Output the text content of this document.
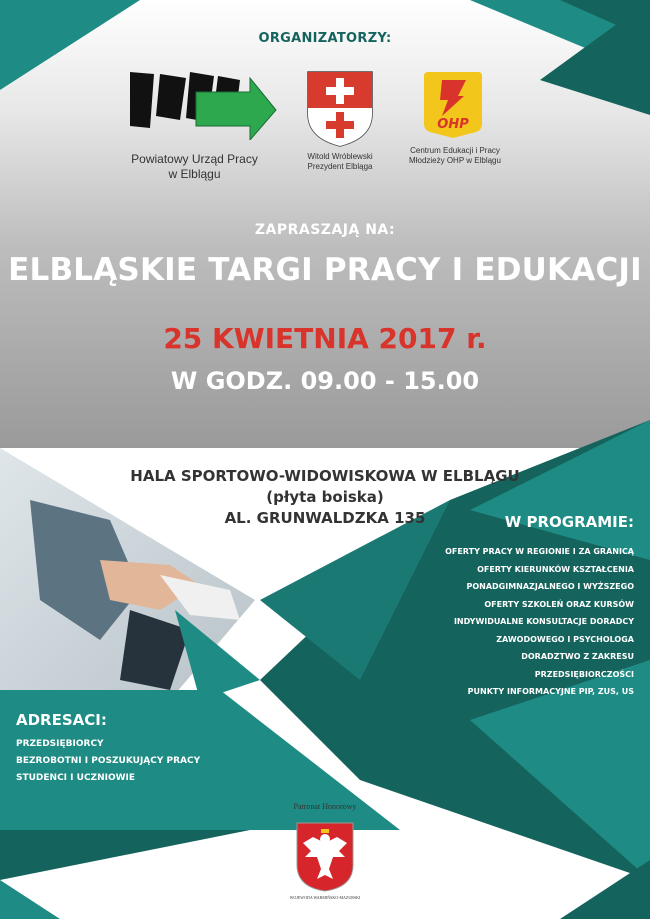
ORGANIZATORZY:
Powiatowy Urząd Pracy
w Elblągu
Witold Wróblewski
Prezydent Elbląga
OHP
Centrum Edukacji i Pracy
Młodzieży OHP w Elblągu
ZAPRASZAJĄ NA:
ELBLĄSKIE TARGI PRACY I EDUKACJI
25 KWIETNIA 2017 r.
W GODZ. 09.00 - 15.00
HALA SPORTOWO-WIDOWISKOWA W ELBLĄGU
(płyta boiska)
AL. GRUNWALDZKA 135	W PROGRAMIE:
OFERTY PRACY W REGIONIE I ZA GRANICĄ
OFERTY KIERUNKÓW KSZTAŁCENIA
PONADGIMNAZJALNEGO I WYŻSZEGO
OFERTY SZKOLEŃ ORAZ KURSÓW
INDYWIDUALNE KONSULTACJE DORADCY
ZAWODOWEGO I PSYCHOLOGA
DORADZTWO Z ZAKRESU
PRZEDSIĘBIORCZOŚCI
PUNKTY INFORMACYJNE PIP, ZUS, US
ADRESACI:
PRZEDSIĘBIORCY
BEZROBOTNI I POSZUKUJĄCY PRACY
STUDENCI I UCZNIOWIE
Patronat Honorowy
WOJEWODA WARMIŃSKO-MAZURSKI
